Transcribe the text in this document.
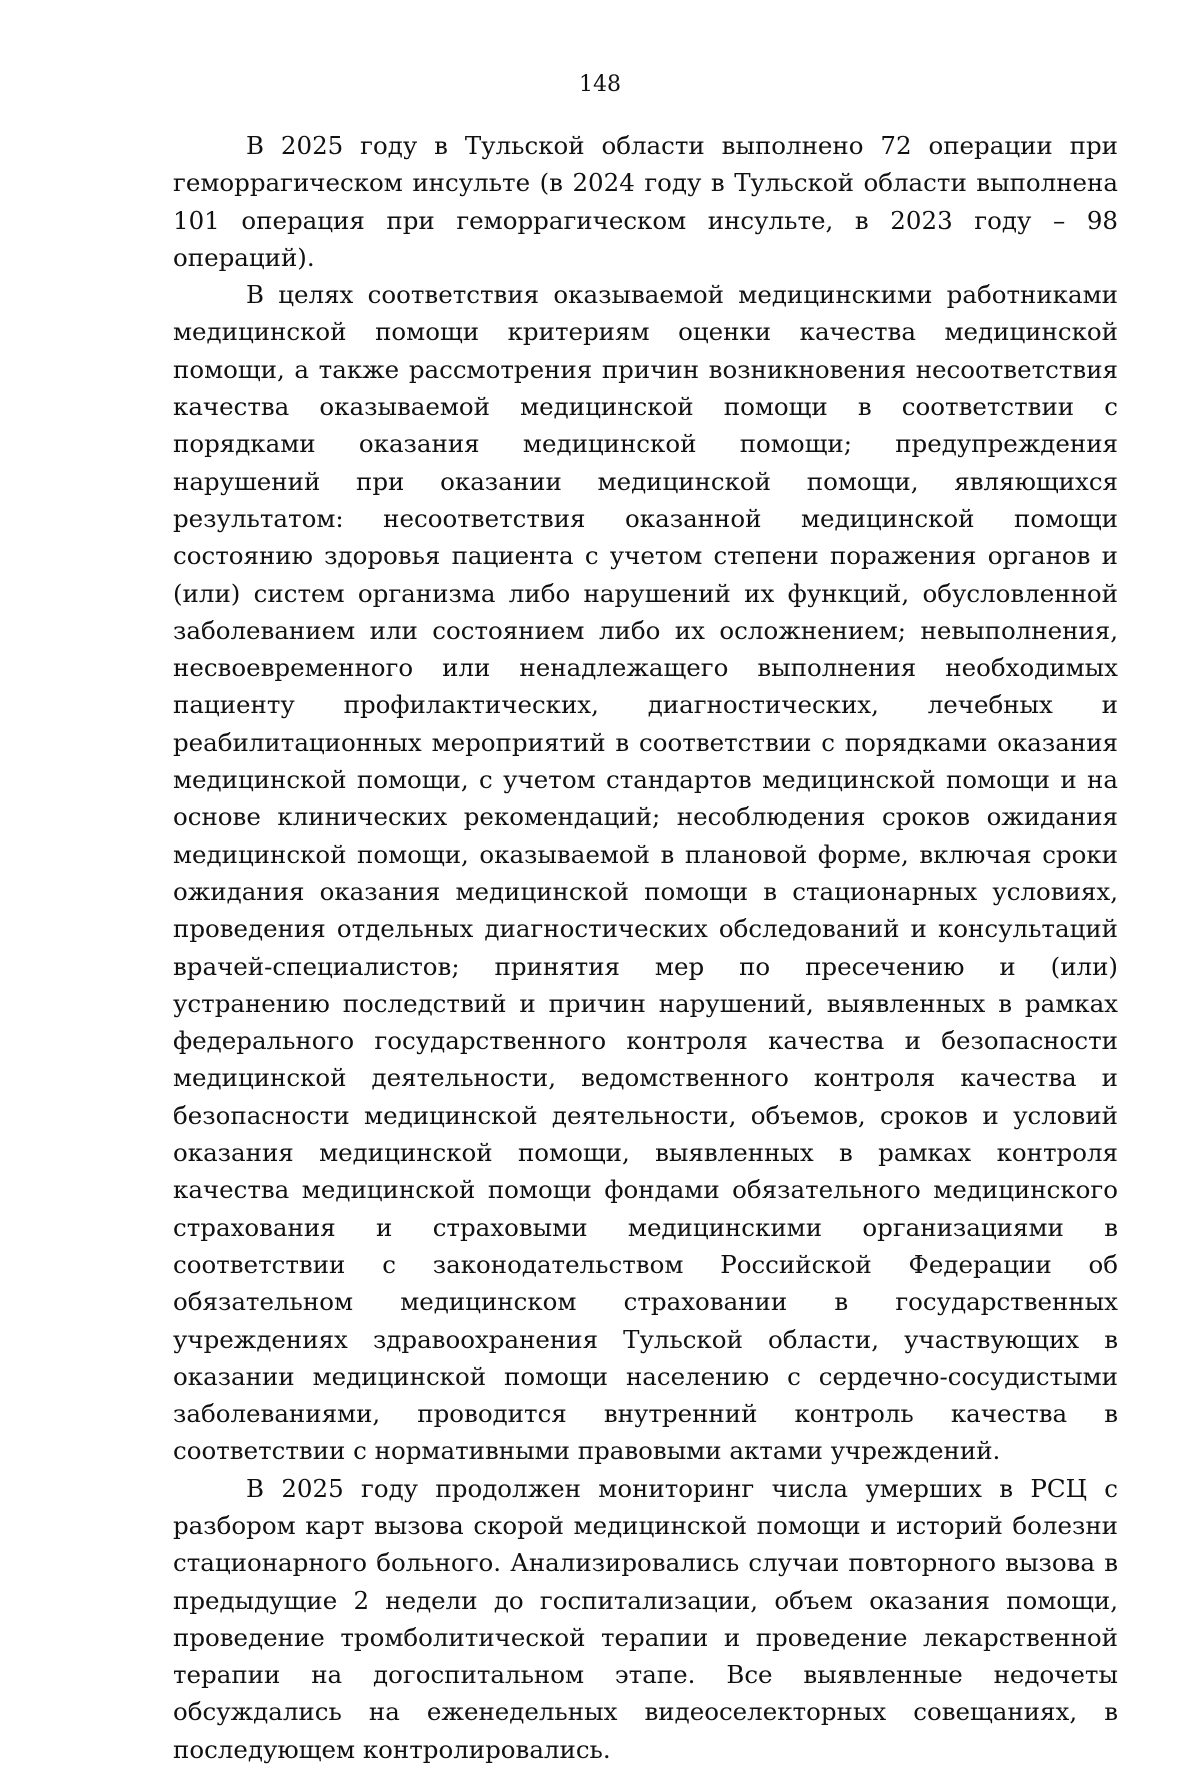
148

В 2025 году в Тульской области выполнено 72 операции при геморрагическом инсульте (в 2024 году в Тульской области выполнена 101 операция при геморрагическом инсульте, в 2023 году – 98 операций).

В целях соответствия оказываемой медицинскими работниками медицинской помощи критериям оценки качества медицинской помощи, а также рассмотрения причин возникновения несоответствия качества оказываемой медицинской помощи в соответствии с порядками оказания медицинской помощи; предупреждения нарушений при оказании медицинской помощи, являющихся результатом: несоответствия оказанной медицинской помощи состоянию здоровья пациента с учетом степени поражения органов и (или) систем организма либо нарушений их функций, обусловленной заболеванием или состоянием либо их осложнением; невыполнения, несвоевременного или ненадлежащего выполнения необходимых пациенту профилактических, диагностических, лечебных и реабилитационных мероприятий в соответствии с порядками оказания медицинской помощи, с учетом стандартов медицинской помощи и на основе клинических рекомендаций; несоблюдения сроков ожидания медицинской помощи, оказываемой в плановой форме, включая сроки ожидания оказания медицинской помощи в стационарных условиях, проведения отдельных диагностических обследований и консультаций врачей-специалистов; принятия мер по пресечению и (или) устранению последствий и причин нарушений, выявленных в рамках федерального государственного контроля качества и безопасности медицинской деятельности, ведомственного контроля качества и безопасности медицинской деятельности, объемов, сроков и условий оказания медицинской помощи, выявленных в рамках контроля качества медицинской помощи фондами обязательного медицинского страхования и страховыми медицинскими организациями в соответствии с законодательством Российской Федерации об обязательном медицинском страховании в государственных учреждениях здравоохранения Тульской области, участвующих в оказании медицинской помощи населению с сердечно-сосудистыми заболеваниями, проводится внутренний контроль качества в соответствии с нормативными правовыми актами учреждений.

В 2025 году продолжен мониторинг числа умерших в РСЦ с разбором карт вызова скорой медицинской помощи и историй болезни стационарного больного. Анализировались случаи повторного вызова в предыдущие 2 недели до госпитализации, объем оказания помощи, проведение тромболитической терапии и проведение лекарственной терапии на догоспитальном этапе. Все выявленные недочеты обсуждались на еженедельных видеоселекторных совещаниях, в последующем контролировались.
